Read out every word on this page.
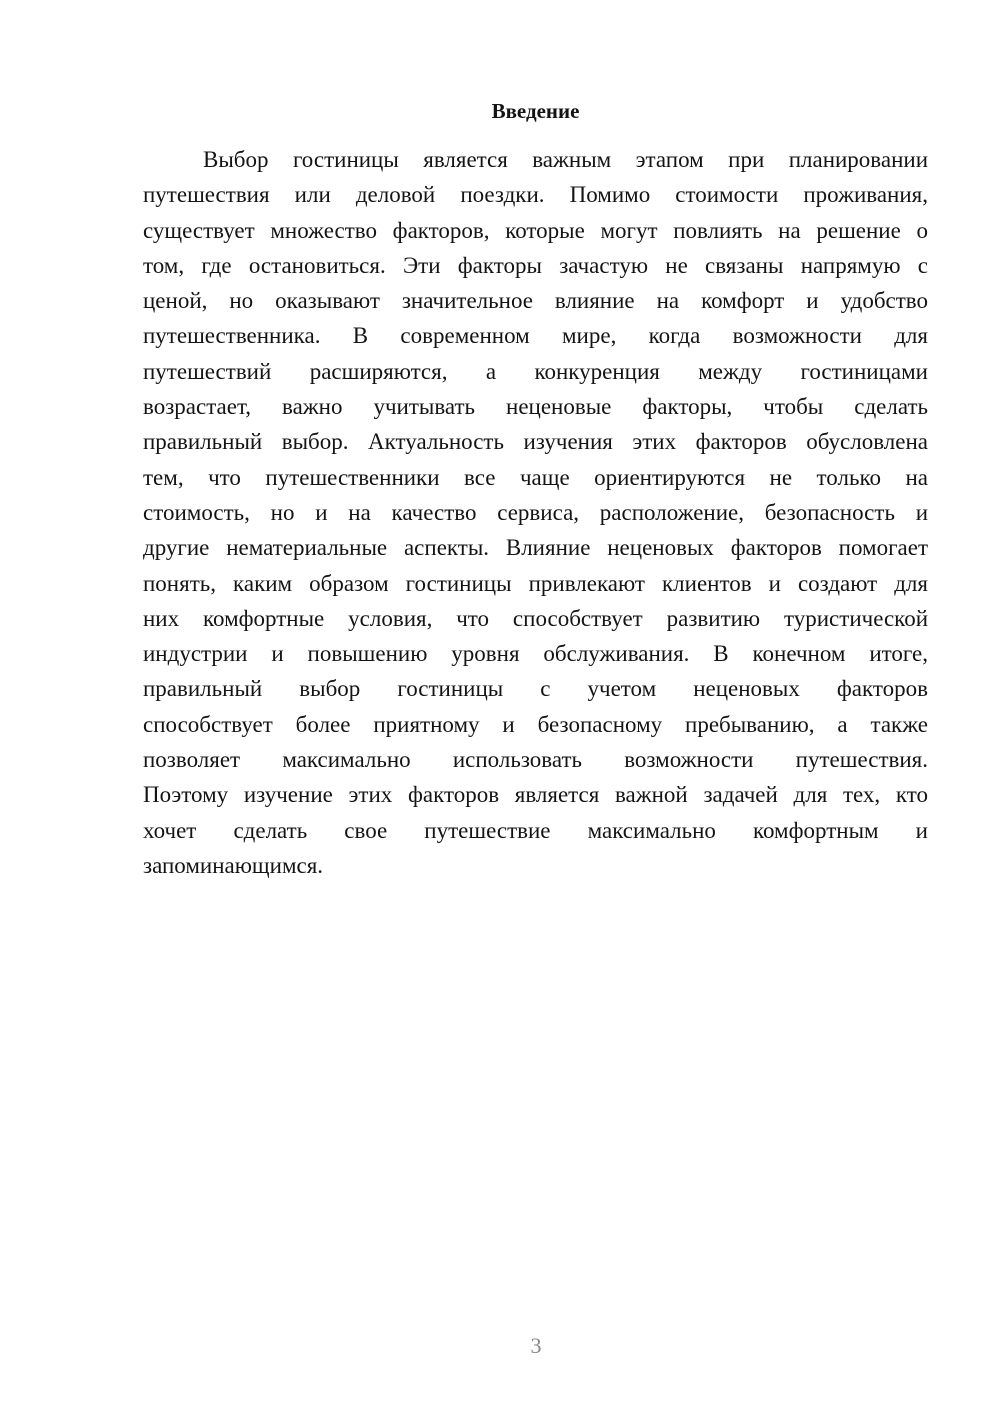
Введение
Выбор гостиницы является важным этапом при планировании
путешествия или деловой поездки. Помимо стоимости проживания,
существует множество факторов, которые могут повлиять на решение о
том, где остановиться. Эти факторы зачастую не связаны напрямую с
ценой, но оказывают значительное влияние на комфорт и удобство
путешественника. В современном мире, когда возможности для
путешествий расширяются, а конкуренция между гостиницами
возрастает, важно учитывать неценовые факторы, чтобы сделать
правильный выбор. Актуальность изучения этих факторов обусловлена
тем, что путешественники все чаще ориентируются не только на
стоимость, но и на качество сервиса, расположение, безопасность и
другие нематериальные аспекты. Влияние неценовых факторов помогает
понять, каким образом гостиницы привлекают клиентов и создают для
них комфортные условия, что способствует развитию туристической
индустрии и повышению уровня обслуживания. В конечном итоге,
правильный выбор гостиницы с учетом неценовых факторов
способствует более приятному и безопасному пребыванию, а также
позволяет максимально использовать возможности путешествия.
Поэтому изучение этих факторов является важной задачей для тех, кто
хочет сделать свое путешествие максимально комфортным и
запоминающимся.
3
